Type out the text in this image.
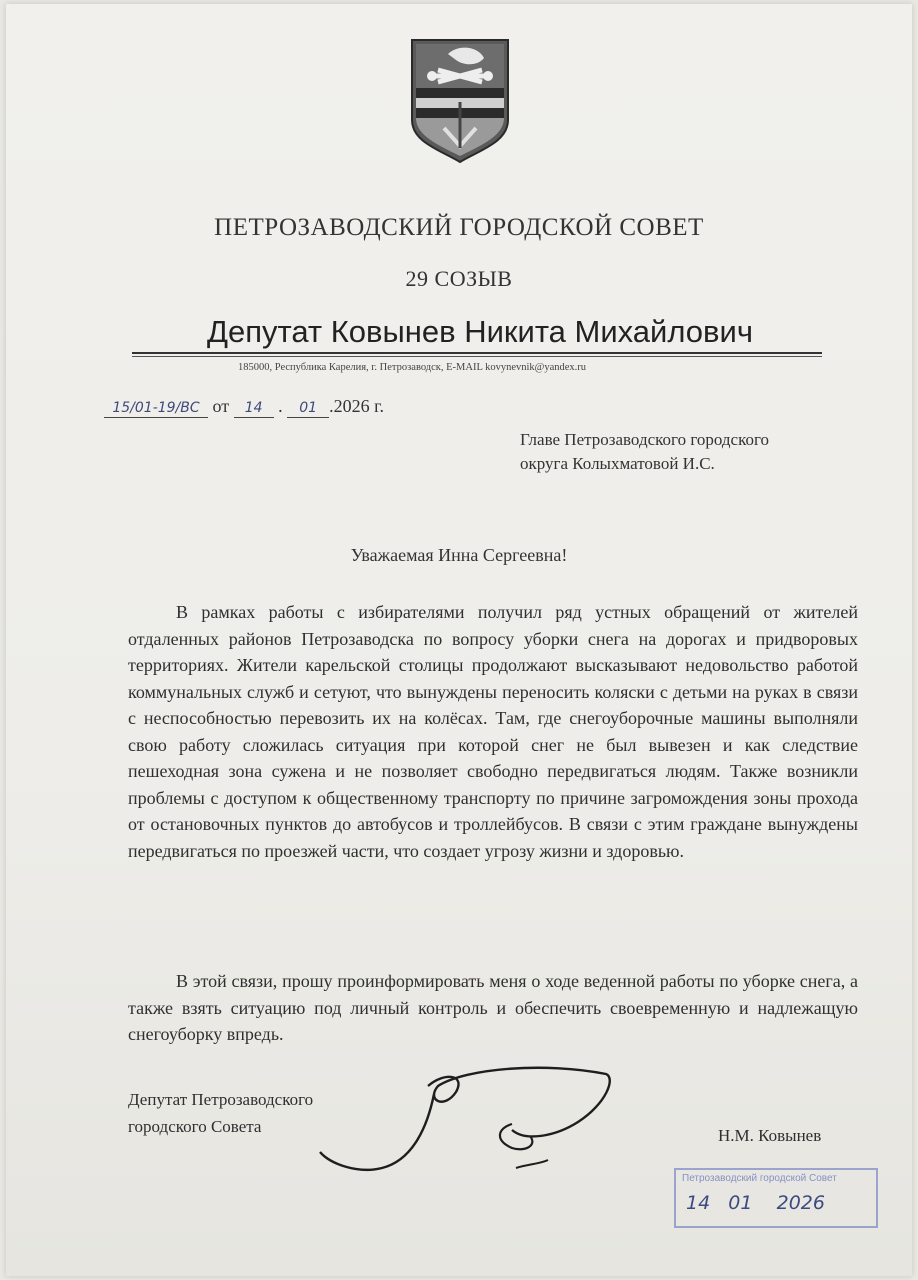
ПЕТРОЗАВОДСКИЙ ГОРОДСКОЙ СОВЕТ
29 СОЗЫВ
Депутат Ковынев Никита Михайлович
185000, Республика Карелия, г. Петрозаводск, E-MAIL kovynevnik@yandex.ru
15/01-19/ВС от 14 . 01 .2026 г.
Главе Петрозаводского городского
округа Колыхматовой И.С.
Уважаемая Инна Сергеевна!

В рамках работы с избирателями получил ряд устных обращений от жителей отдаленных районов Петрозаводска по вопросу уборки снега на дорогах и придворовых территориях. Жители карельской столицы продолжают высказывают недовольство работой коммунальных служб и сетуют, что вынуждены переносить коляски с детьми на руках в связи с неспособностью перевозить их на колёсах. Там, где снегоуборочные машины выполняли свою работу сложилась ситуация при которой снег не был вывезен и как следствие пешеходная зона сужена и не позволяет свободно передвигаться людям. Также возникли проблемы с доступом к общественному транспорту по причине загромождения зоны прохода от остановочных пунктов до автобусов и троллейбусов. В связи с этим граждане вынуждены передвигаться по проезжей части, что создает угрозу жизни и здоровью.

В этой связи, прошу проинформировать меня о ходе веденной работы по уборке снега, а также взять ситуацию под личный контроль и обеспечить своевременную и надлежащую снегоуборку впредь.

Депутат Петрозаводского
городского Совета	Н.М. Ковынев
Петрозаводский городской Совет
14   01    2026
